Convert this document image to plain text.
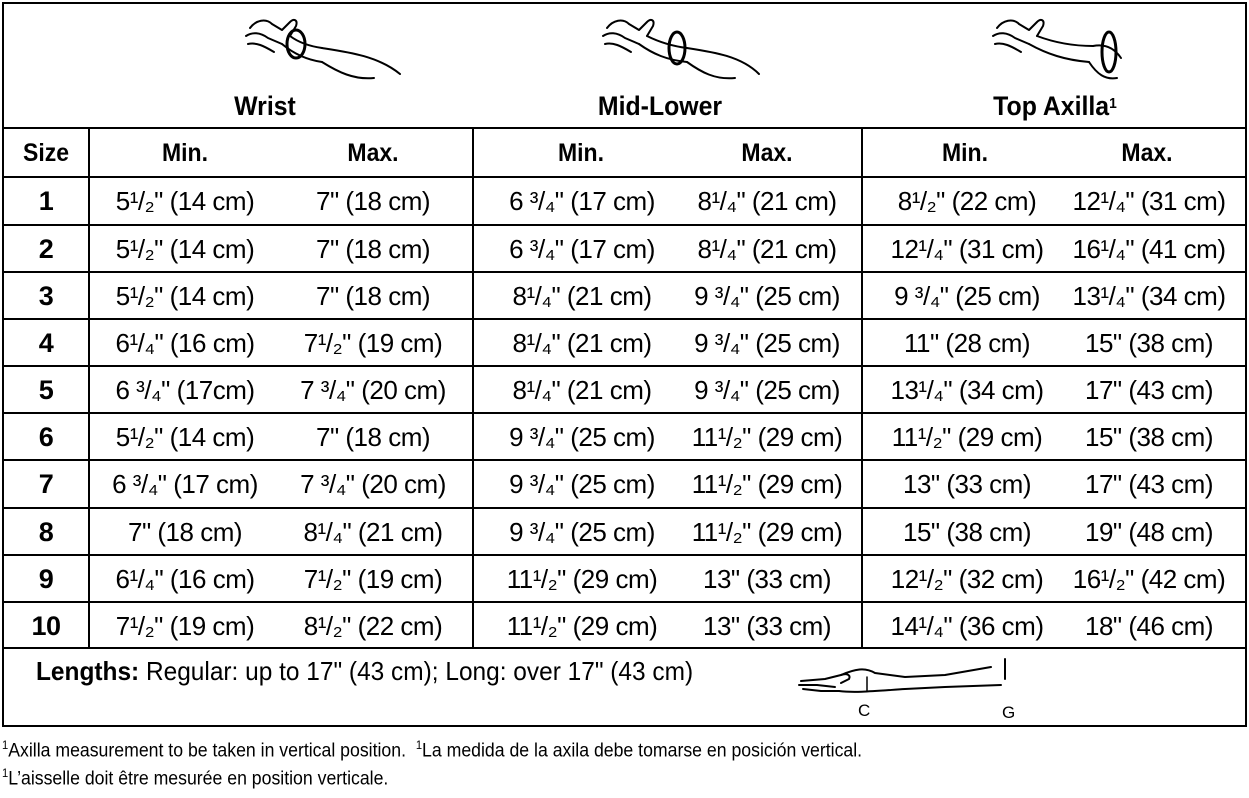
Wrist	Mid-Lower	Top Axilla$^1$
Size	Min.	Max.	Min.	Max.	Min.	Max.
1	5¹/₂" (14 cm)	7" (18 cm)	6 ³/₄" (17 cm)	8¹/₄" (21 cm)	8¹/₂" (22 cm)	12¹/₄" (31 cm)
2	5¹/₂" (14 cm)	7" (18 cm)	6 ³/₄" (17 cm)	8¹/₄" (21 cm)	12¹/₄" (31 cm)	16¹/₄" (41 cm)
3	5¹/₂" (14 cm)	7" (18 cm)	8¹/₄" (21 cm)	9 ³/₄" (25 cm)	9 ³/₄" (25 cm)	13¹/₄" (34 cm)
4	6¹/₄" (16 cm)	7¹/₂" (19 cm)	8¹/₄" (21 cm)	9 ³/₄" (25 cm)	11" (28 cm)	15" (38 cm)
5	6 ³/₄" (17cm)	7 ³/₄" (20 cm)	8¹/₄" (21 cm)	9 ³/₄" (25 cm)	13¹/₄" (34 cm)	17" (43 cm)
6	5¹/₂" (14 cm)	7" (18 cm)	9 ³/₄" (25 cm)	11¹/₂" (29 cm)	11¹/₂" (29 cm)	15" (38 cm)
7	6 ³/₄" (17 cm)	7 ³/₄" (20 cm)	9 ³/₄" (25 cm)	11¹/₂" (29 cm)	13" (33 cm)	17" (43 cm)
8	7" (18 cm)	8¹/₄" (21 cm)	9 ³/₄" (25 cm)	11¹/₂" (29 cm)	15" (38 cm)	19" (48 cm)
9	6¹/₄" (16 cm)	7¹/₂" (19 cm)	11¹/₂" (29 cm)	13" (33 cm)	12¹/₂" (32 cm)	16¹/₂" (42 cm)
10	7¹/₂" (19 cm)	8¹/₂" (22 cm)	11¹/₂" (29 cm)	13" (33 cm)	14¹/₄" (36 cm)	18" (46 cm)
Lengths: Regular: up to 17" (43 cm); Long: over 17" (43 cm)
C	G
$^1$Axilla measurement to be taken in vertical position. $^1$La medida de la axila debe tomarse en posición vertical.
$^1$L’aisselle doit être mesurée en position verticale.
